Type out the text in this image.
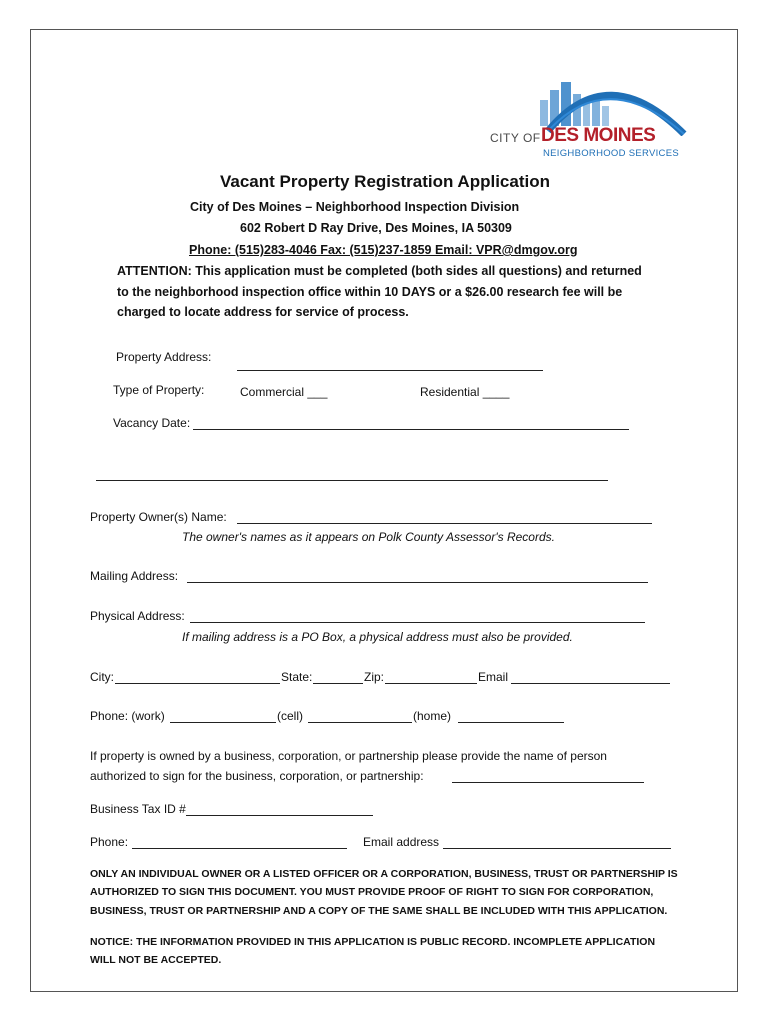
CITY OF DES MOINES
NEIGHBORHOOD SERVICES
Vacant Property Registration Application
City of Des Moines – Neighborhood Inspection Division
602 Robert D Ray Drive, Des Moines, IA 50309
Phone: (515)283-4046 Fax: (515)237-1859 Email: VPR@dmgov.org
ATTENTION: This application must be completed (both sides all questions) and returned
to the neighborhood inspection office within 10 DAYS or a $26.00 research fee will be
charged to locate address for service of process.
Property Address:
Type of Property:	Commercial ___	Residential ____
Vacancy Date:
Property Owner(s) Name:
The owner's names as it appears on Polk County Assessor's Records.
Mailing Address:
Physical Address:
If mailing address is a PO Box, a physical address must also be provided.
City:	State:	Zip:	Email
Phone: (work)	(cell)	(home)
If property is owned by a business, corporation, or partnership please provide the name of person
authorized to sign for the business, corporation, or partnership:
Business Tax ID #
Phone:	Email address
ONLY AN INDIVIDUAL OWNER OR A LISTED OFFICER OR A CORPORATION, BUSINESS, TRUST OR PARTNERSHIP IS
AUTHORIZED TO SIGN THIS DOCUMENT. YOU MUST PROVIDE PROOF OF RIGHT TO SIGN FOR CORPORATION,
BUSINESS, TRUST OR PARTNERSHIP AND A COPY OF THE SAME SHALL BE INCLUDED WITH THIS APPLICATION.
NOTICE: THE INFORMATION PROVIDED IN THIS APPLICATION IS PUBLIC RECORD. INCOMPLETE APPLICATION
WILL NOT BE ACCEPTED.
